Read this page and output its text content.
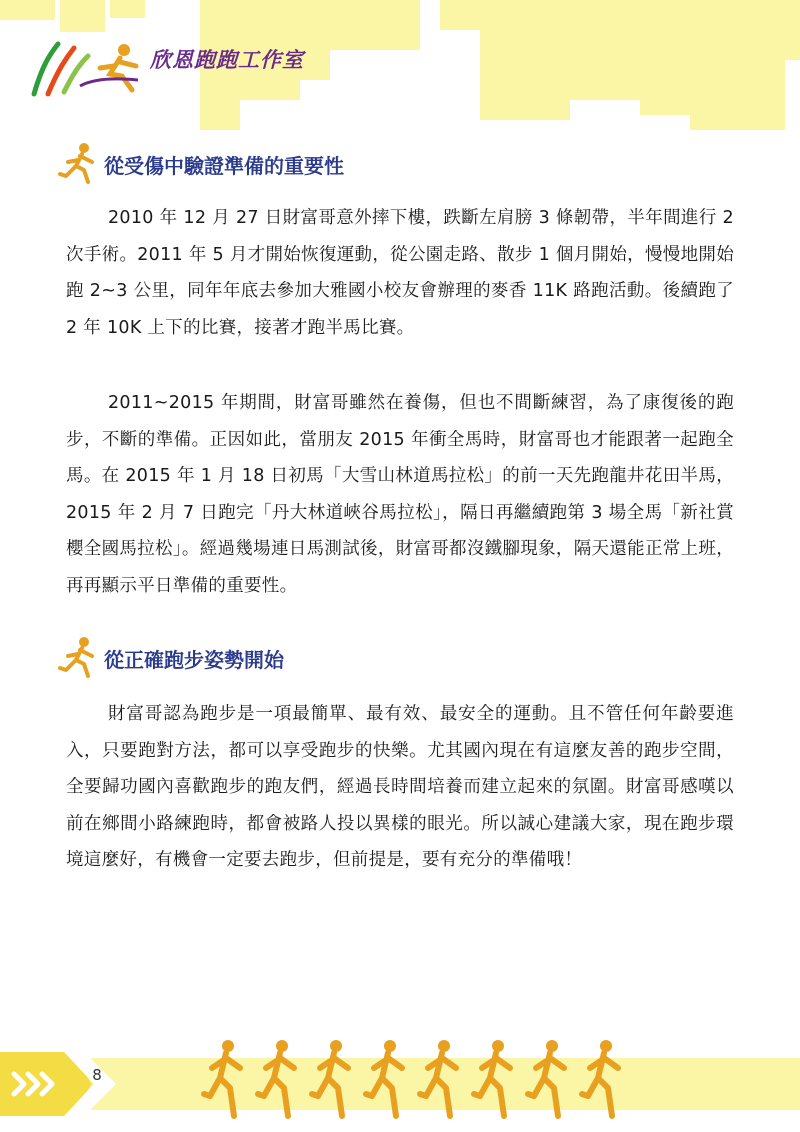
欣恩跑跑工作室
從受傷中驗證準備的重要性

2010 年 12 月 27 日財富哥意外摔下樓，跌斷左肩膀 3 條韌帶，半年間進行 2 次手術。2011 年 5 月才開始恢復運動，從公園走路、散步 1 個月開始，慢慢地開始跑 2~3 公里，同年年底去參加大雅國小校友會辦理的麥香 11K 路跑活動。後續跑了 2 年 10K 上下的比賽，接著才跑半馬比賽。

2011~2015 年期間，財富哥雖然在養傷，但也不間斷練習，為了康復後的跑步，不斷的準備。正因如此，當朋友 2015 年衝全馬時，財富哥也才能跟著一起跑全馬。在 2015 年 1 月 18 日初馬「大雪山林道馬拉松」的前一天先跑龍井花田半馬，2015 年 2 月 7 日跑完「丹大林道峽谷馬拉松」，隔日再繼續跑第 3 場全馬「新社賞櫻全國馬拉松」。經過幾場連日馬測試後，財富哥都沒鐵腳現象，隔天還能正常上班，再再顯示平日準備的重要性。

從正確跑步姿勢開始

財富哥認為跑步是一項最簡單、最有效、最安全的運動。且不管任何年齡要進入，只要跑對方法，都可以享受跑步的快樂。尤其國內現在有這麼友善的跑步空間，全要歸功國內喜歡跑步的跑友們，經過長時間培養而建立起來的氛圍。財富哥感嘆以前在鄉間小路練跑時，都會被路人投以異樣的眼光。所以誠心建議大家，現在跑步環境這麼好，有機會一定要去跑步，但前提是，要有充分的準備哦！

8
